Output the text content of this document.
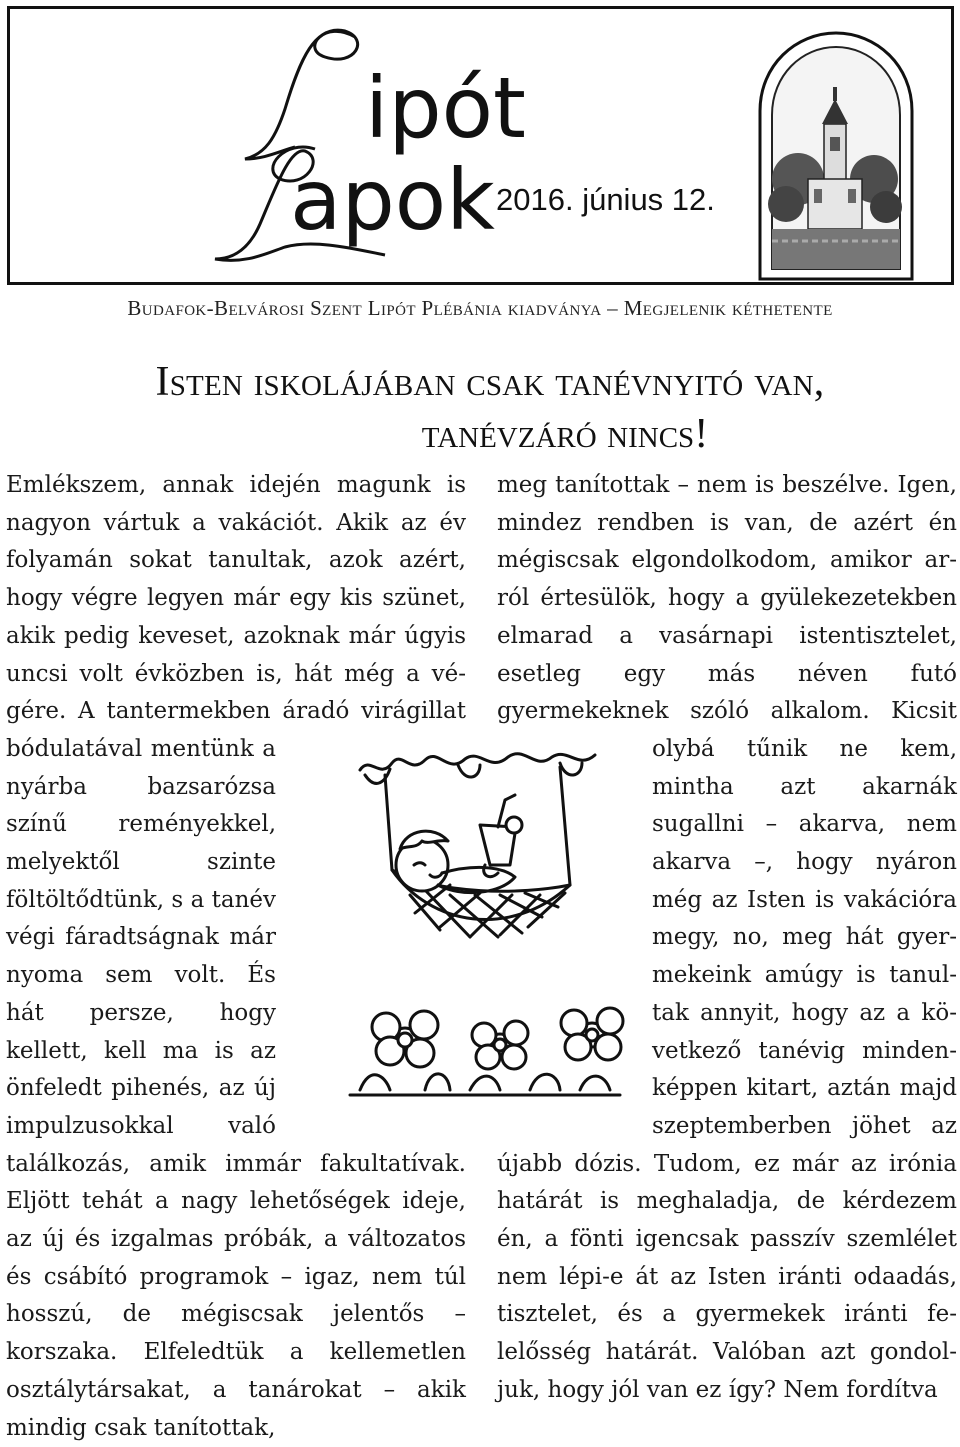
ipót
apok 2016. június 12.
Budafok-Belvárosi Szent Lipót Plébánia kiadványa – Megjelenik kéthetente
Isten iskolájában csak tanévnyitó van,
tanévzáró nincs!
Emlékszem, annak idején magunk is nagyon vártuk a vakációt. Akik az év folyamán sokat tanultak, azok azért, hogy végre legyen már egy kis szünet, akik pedig keveset, azoknak már úgyis uncsi volt évközben is, hát még a végére. A tantermekben áradó virágillat
bódulatával mentünk a nyárba bazsarózsa színű reményekkel, melyektől szinte föltöltődtünk, s a tanév végi fáradtságnak már nyoma sem volt. És hát persze, hogy kellett, kell ma is az önfeledt pihenés, az új impulzusokkal való találkozás, amik immár fakultatívak. Eljött tehát a nagy lehetőségek ideje, az új és izgalmas próbák, a változatos és csábító programok – igaz, nem túl hosszú, de mégiscsak jelentős – korszaka. Elfeledtük a kellemetlen osztálytársakat, a tanárokat – akik mindig csak tanítottak,
meg tanítottak – nem is beszélve. Igen, mindez rendben is van, de azért én mégiscsak elgondolkodom, amikor arról értesülök, hogy a gyülekezetekben elmarad a vasárnapi istentisztelet, esetleg egy más néven futó gyermekeknek szóló alkalom. Kicsit olybá tűnik ne kem, mintha azt akarnák sugallni – akarva, nem akarva –, hogy nyáron még az Isten is vakációra megy, no, meg hát gyermekeink amúgy is tanultak annyit, hogy az a következő tanévig mindenképpen kitart, aztán majd szeptemberben jöhet az újabb dózis. Tudom, ez már az irónia határát is meghaladja, de kérdezem én, a fönti igencsak passzív szemlélet nem lépi-e át az Isten iránti odaadás, tisztelet, és a gyermekek iránti felelősség határát. Valóban azt gondoljuk, hogy jól van ez így? Nem fordítva
